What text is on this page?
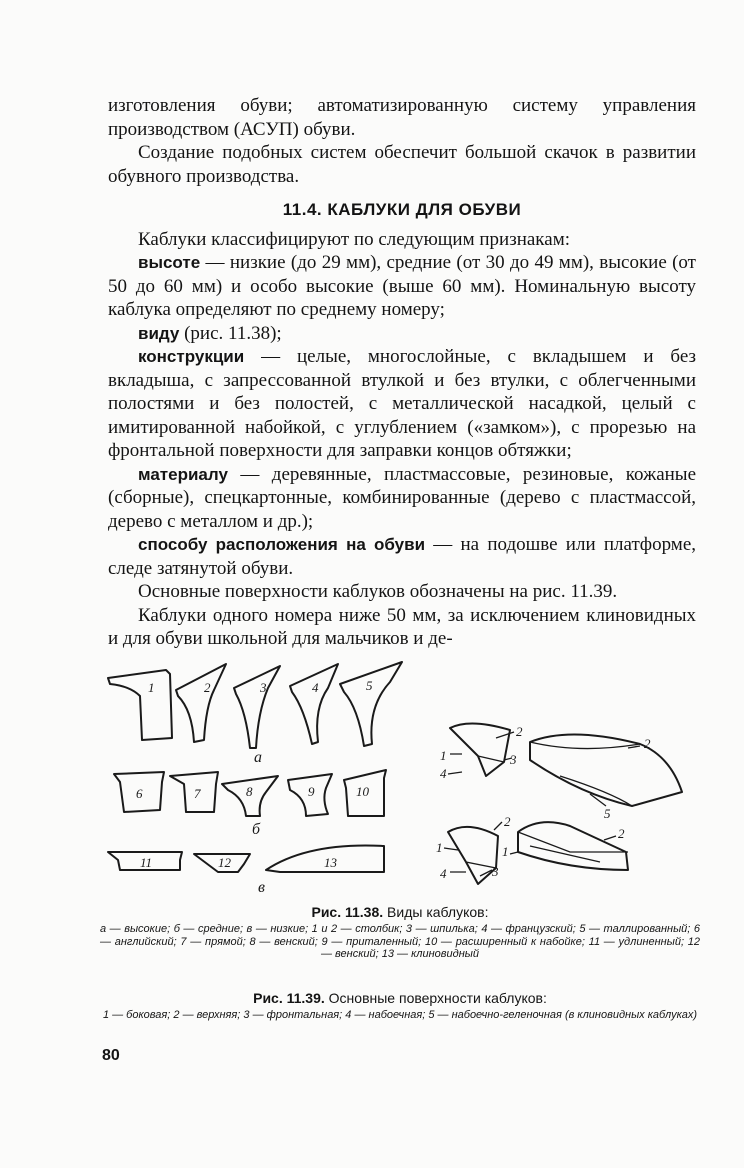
изготовления обуви; автоматизированную систему управления производством (АСУП) обуви.

Создание подобных систем обеспечит большой скачок в развитии обувного производства.

11.4. КАБЛУКИ ДЛЯ ОБУВИ

Каблуки классифицируют по следующим признакам:

высоте — низкие (до 29 мм), средние (от 30 до 49 мм), высокие (от 50 до 60 мм) и особо высокие (выше 60 мм). Номинальную высоту каблука определяют по среднему номеру;

виду (рис. 11.38);

конструкции — целые, многослойные, с вкладышем и без вкладыша, с запрессованной втулкой и без втулки, с облегченными полостями и без полостей, с металлической насадкой, целый с имитированной набойкой, с углублением («замком»), с прорезью на фронтальной поверхности для заправки концов обтяжки;

материалу — деревянные, пластмассовые, резиновые, кожаные (сборные), спецкартонные, комбинированные (дерево с пластмассой, дерево с металлом и др.);

способу расположения на обуви — на подошве или платформе, следе затянутой обуви.

Основные поверхности каблуков обозначены на рис. 11.39.

Каблуки одного номера ниже 50 мм, за исключением клиновидных и для обуви школьной для мальчиков и де-

1	2	3	4	5
а
6	7	8	9	10
б
11	12	13
в
2
1	3
4
2
5
2
1
3
4
2
1
Рис. 11.38. Виды каблуков:
а — высокие; б — средние; в — низкие; 1 и 2 — столбик; 3 — шпилька; 4 — французский; 5 — таллированный; 6 — английский; 7 — прямой; 8 — венский; 9 — приталенный; 10 — расширенный к набойке; 11 — удлиненный; 12 — венский; 13 — клиновидный
Рис. 11.39. Основные поверхности каблуков:
1 — боковая; 2 — верхняя; 3 — фронтальная; 4 — набоечная; 5 — набоечно-геленочная (в клиновидных каблуках)
80
